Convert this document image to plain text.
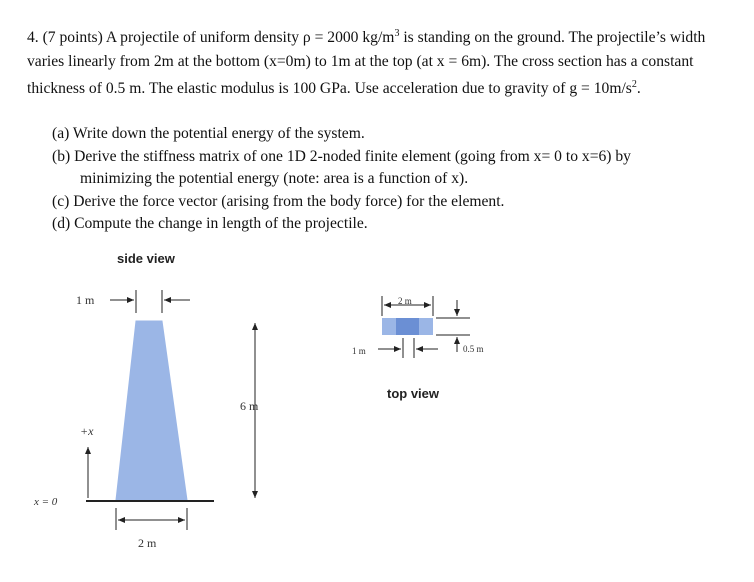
4. (7 points) A projectile of uniform density ρ = 2000 $kg/m^3$ is standing on the ground. The projectile’s width varies linearly from 2m at the bottom (x=0m) to 1m at the top (at x = 6m). The cross section has a constant thickness of 0.5 m. The elastic modulus is 100 GPa. Use acceleration due to gravity of $g = 10m/s^2$.

(a) Write down the potential energy of the system.
(b) Derive the stiffness matrix of one 1D 2-noded finite element (going from x= 0 to x=6) by
minimizing the potential energy (note: area is a function of x).
(c) Derive the force vector (arising from the body force) for the element.
(d) Compute the change in length of the projectile.
side view
top view
1 m
6 m
+x
x = 0
2 m
2 m
0.5 m
1 m
